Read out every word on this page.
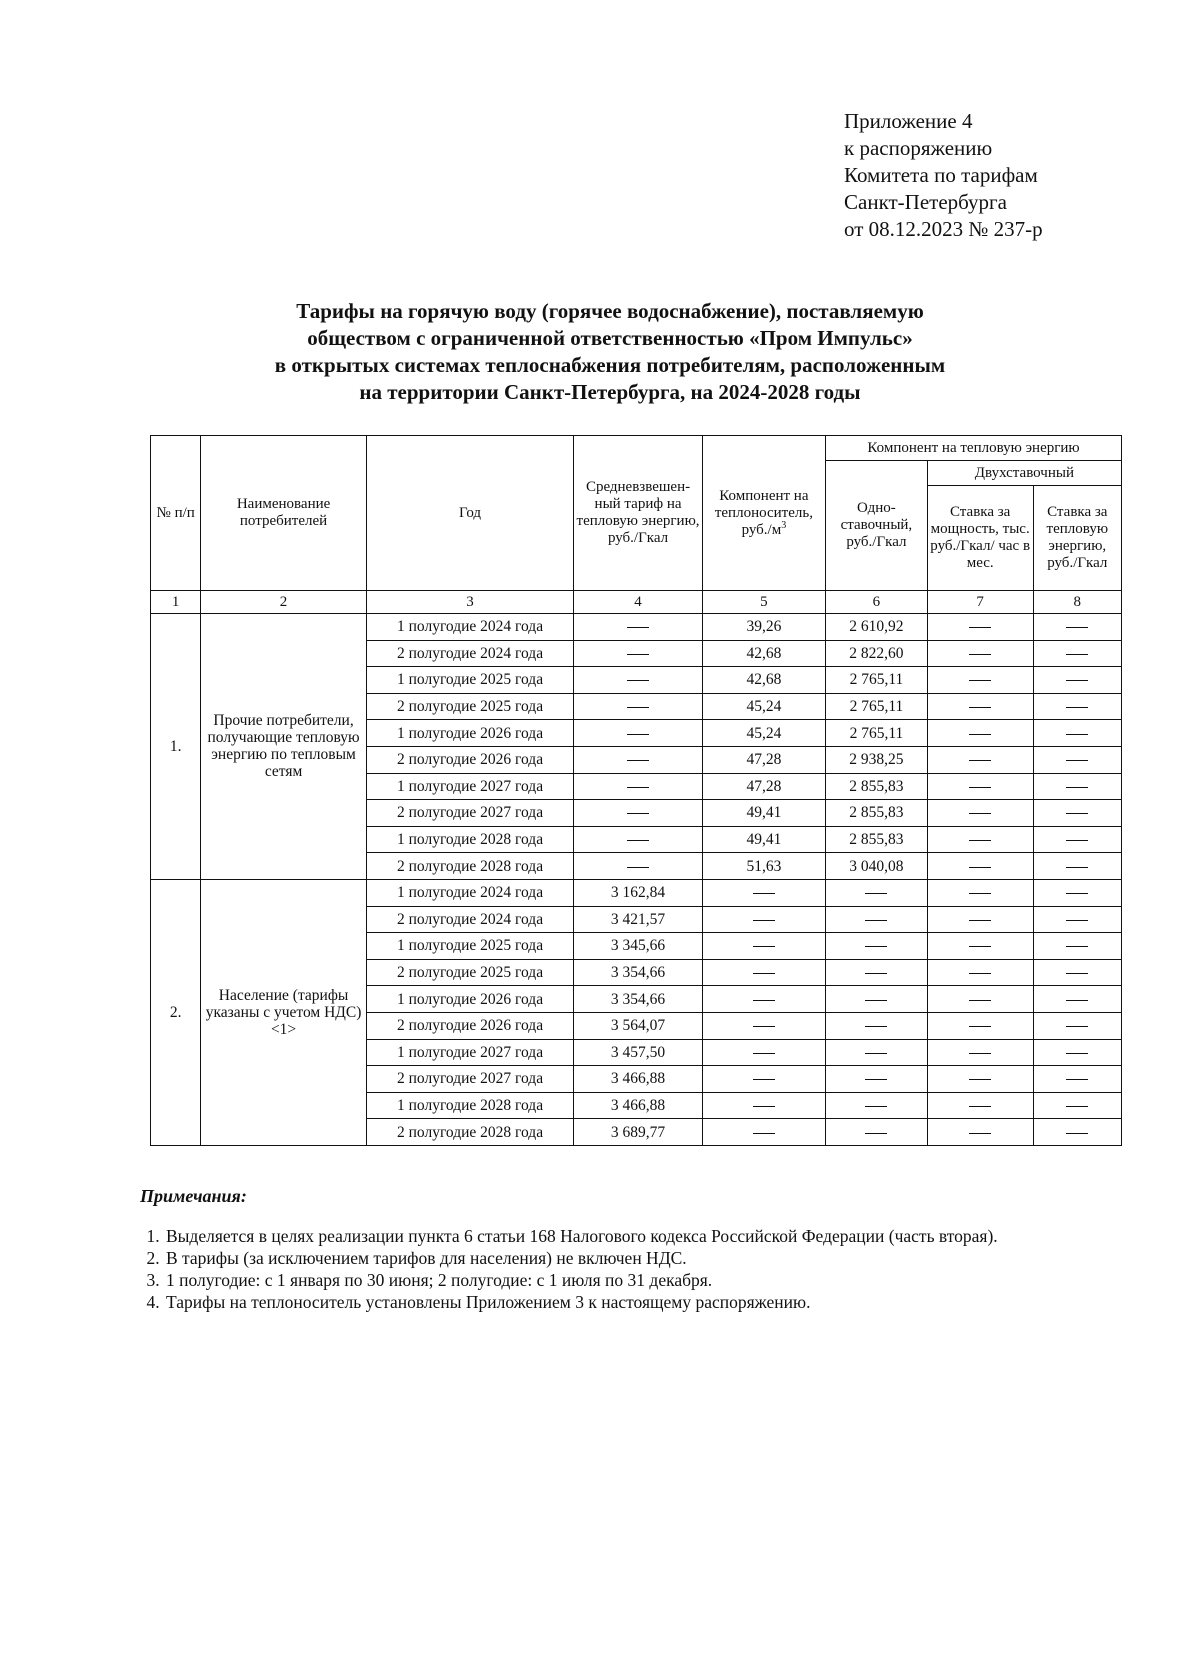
Приложение 4
к распоряжению
Комитета по тарифам
Санкт-Петербурга
от 08.12.2023 № 237-р
Тарифы на горячую воду (горячее водоснабжение), поставляемую
обществом с ограниченной ответственностью «Пром Импульс»
в открытых системах теплоснабжения потребителям, расположенным
на территории Санкт-Петербурга, на 2024-2028 годы
№ п/п	Наименование потребителей	Год	Средневзвешен-ный тариф на тепловую энергию, руб./Гкал	Компонент на теплоноситель, $руб./м^3$	Компонент на тепловую энергию		
					Одно-ставочный, руб./Гкал	Двухставочный	
						Ставка за мощность, тыс. руб./Гкал/ час в мес.	Ставка за тепловую энергию, руб./Гкал
1	2	3	4	5	6	7	8
1.	Прочие потребители, получающие тепловую энергию по тепловым сетям	1 полугодие 2024 года		39,26	2 610,92		
		2 полугодие 2024 года		42,68	2 822,60		
		1 полугодие 2025 года		42,68	2 765,11		
		2 полугодие 2025 года		45,24	2 765,11		
		1 полугодие 2026 года		45,24	2 765,11		
		2 полугодие 2026 года		47,28	2 938,25		
		1 полугодие 2027 года		47,28	2 855,83		
		2 полугодие 2027 года		49,41	2 855,83		
		1 полугодие 2028 года		49,41	2 855,83		
		2 полугодие 2028 года		51,63	3 040,08		
2.	Население (тарифы указаны с учетом НДС) <1>	1 полугодие 2024 года	3 162,84				
		2 полугодие 2024 года	3 421,57				
		1 полугодие 2025 года	3 345,66				
		2 полугодие 2025 года	3 354,66				
		1 полугодие 2026 года	3 354,66				
		2 полугодие 2026 года	3 564,07				
		1 полугодие 2027 года	3 457,50				
		2 полугодие 2027 года	3 466,88				
		1 полугодие 2028 года	3 466,88				
		2 полугодие 2028 года	3 689,77				
Примечания:
1. Выделяется в целях реализации пункта 6 статьи 168 Налогового кодекса Российской Федерации (часть вторая).
2. В тарифы (за исключением тарифов для населения) не включен НДС.
3. 1 полугодие: с 1 января по 30 июня; 2 полугодие: с 1 июля по 31 декабря.
4. Тарифы на теплоноситель установлены Приложением 3 к настоящему распоряжению.
